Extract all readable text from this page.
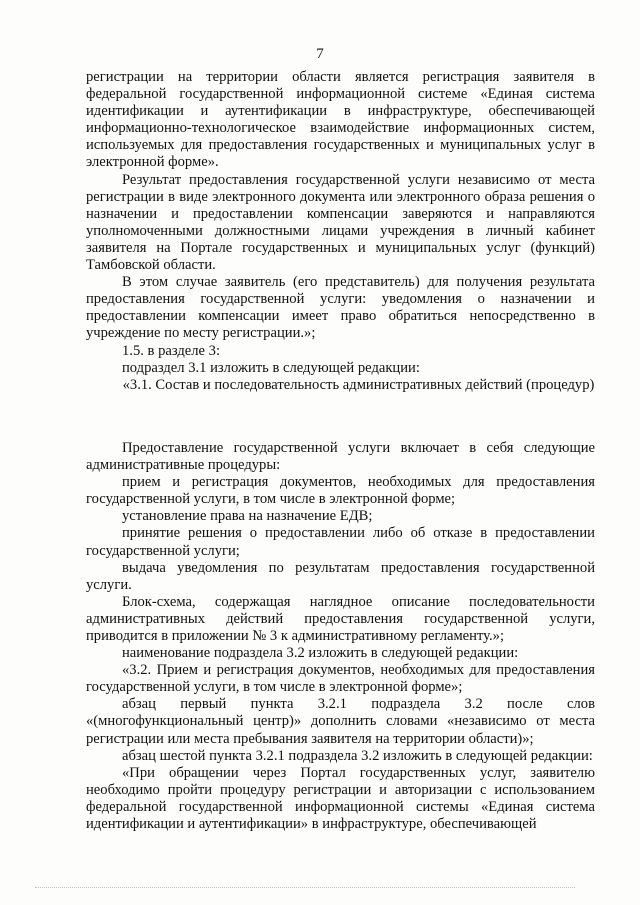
7

регистрации на территории области является регистрация заявителя в федеральной государственной информационной системе «Единая система идентификации и аутентификации в инфраструктуре, обеспечивающей информационно-технологическое взаимодействие информационных систем, используемых для предоставления государственных и муниципальных услуг в электронной форме».

Результат предоставления государственной услуги независимо от места регистрации в виде электронного документа или электронного образа решения о назначении и предоставлении компенсации заверяются и направляются уполномоченными должностными лицами учреждения в личный кабинет заявителя на Портале государственных и муниципальных услуг (функций) Тамбовской области.

В этом случае заявитель (его представитель) для получения результата предоставления государственной услуги: уведомления о назначении и предоставлении компенсации имеет право обратиться непосредственно в учреждение по месту регистрации.»;

1.5. в разделе 3:

подраздел 3.1 изложить в следующей редакции:

«3.1. Состав и последовательность административных действий (процедур)

Предоставление государственной услуги включает в себя следующие административные процедуры:

прием и регистрация документов, необходимых для предоставления государственной услуги, в том числе в электронной форме;

установление права на назначение ЕДВ;

принятие решения о предоставлении либо об отказе в предоставлении государственной услуги;

выдача уведомления по результатам предоставления государственной услуги.

Блок-схема, содержащая наглядное описание последовательности административных действий предоставления государственной услуги, приводится в приложении № 3 к административному регламенту.»;

наименование подраздела 3.2 изложить в следующей редакции:

«3.2. Прием и регистрация документов, необходимых для предоставления государственной услуги, в том числе в электронной форме»;

абзац первый пункта 3.2.1 подраздела 3.2 после слов «(многофункциональный центр)» дополнить словами «независимо от места регистрации или места пребывания заявителя на территории области)»;

абзац шестой пункта 3.2.1 подраздела 3.2 изложить в следующей редакции:

«При обращении через Портал государственных услуг, заявителю необходимо пройти процедуру регистрации и авторизации с использованием федеральной государственной информационной системы «Единая система идентификации и аутентификации» в инфраструктуре, обеспечивающей
